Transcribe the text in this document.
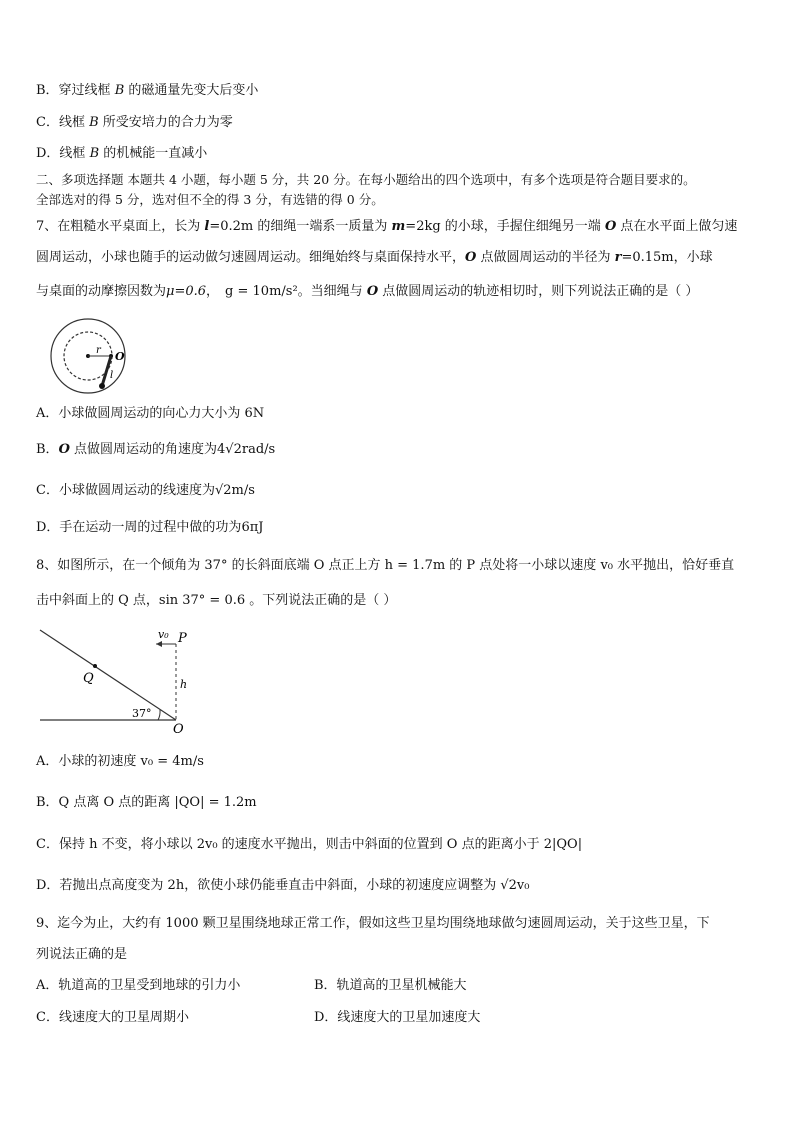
B．穿过线框 B 的磁通量先变大后变小
C．线框 B 所受安培力的合力为零
D．线框 B 的机械能一直减小
二、多项选择题 本题共 4 小题，每小题 5 分，共 20 分。在每小题给出的四个选项中，有多个选项是符合题目要求的。
全部选对的得 5 分，选对但不全的得 3 分，有选错的得 0 分。
7、在粗糙水平桌面上，长为 l=0.2m 的细绳一端系一质量为 m=2kg 的小球，手握住细绳另一端 O 点在水平面上做匀速
圆周运动，小球也随手的运动做匀速圆周运动。细绳始终与桌面保持水平，O 点做圆周运动的半径为 r=0.15m，小球
与桌面的动摩擦因数为μ=0.6， g = 10m/s²。当细绳与 O 点做圆周运动的轨迹相切时，则下列说法正确的是（ ）
r O
l
A．小球做圆周运动的向心力大小为 6N
B．O 点做圆周运动的角速度为4√2rad/s
C．小球做圆周运动的线速度为√2m/s
D．手在运动一周的过程中做的功为6πJ
8、如图所示，在一个倾角为 37° 的长斜面底端 O 点正上方 h = 1.7m 的 P 点处将一小球以速度 v₀ 水平抛出，恰好垂直
击中斜面上的 Q 点，sin 37° = 0.6 。下列说法正确的是（ ）
v₀ P
h
Q
37°
O
A．小球的初速度 v₀ = 4m/s
B．Q 点离 O 点的距离 |QO| = 1.2m
C．保持 h 不变，将小球以 2v₀ 的速度水平抛出，则击中斜面的位置到 O 点的距离小于 2|QO|
D．若抛出点高度变为 2h，欲使小球仍能垂直击中斜面，小球的初速度应调整为 √2v₀
9、迄今为止，大约有 1000 颗卫星围绕地球正常工作，假如这些卫星均围绕地球做匀速圆周运动，关于这些卫星，下
列说法正确的是
A．轨道高的卫星受到地球的引力小	B．轨道高的卫星机械能大
C．线速度大的卫星周期小	D．线速度大的卫星加速度大
